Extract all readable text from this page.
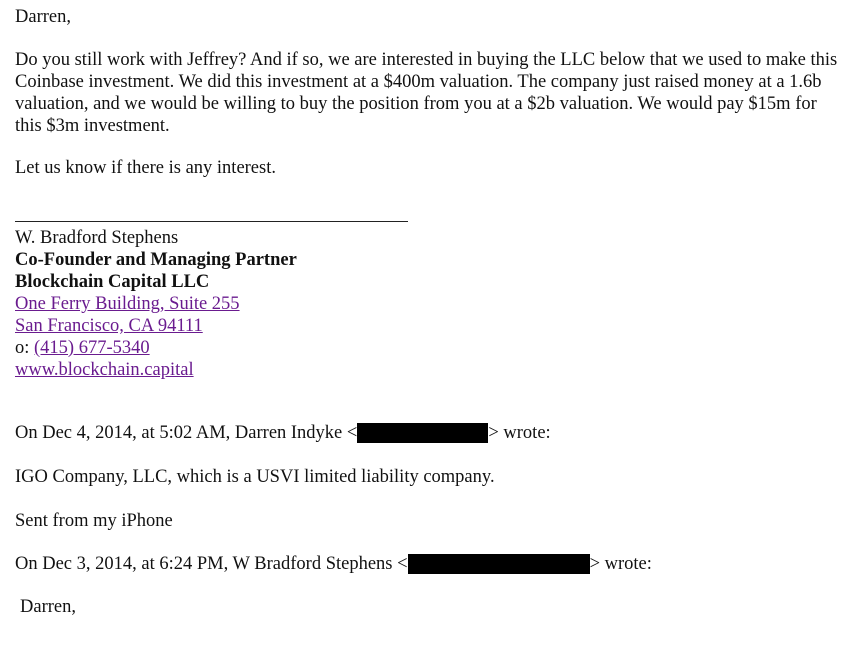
Darren,

Do you still work with Jeffrey? And if so, we are interested in buying the LLC below that we used to make this Coinbase investment. We did this investment at a $400m valuation. The company just raised money at a 1.6b valuation, and we would be willing to buy the position from you at a $2b valuation. We would pay $15m for this $3m investment.

Let us know if there is any interest.

W. Bradford Stephens
Co-Founder and Managing Partner
Blockchain Capital LLC
One Ferry Building, Suite 255
San Francisco, CA 94111
o: (415) 677-5340
www.blockchain.capital
On Dec 4, 2014, at 5:02 AM, Darren Indyke <	> wrote:

IGO Company, LLC, which is a USVI limited liability company.

Sent from my iPhone

On Dec 3, 2014, at 6:24 PM, W Bradford Stephens <	> wrote:

Darren,
